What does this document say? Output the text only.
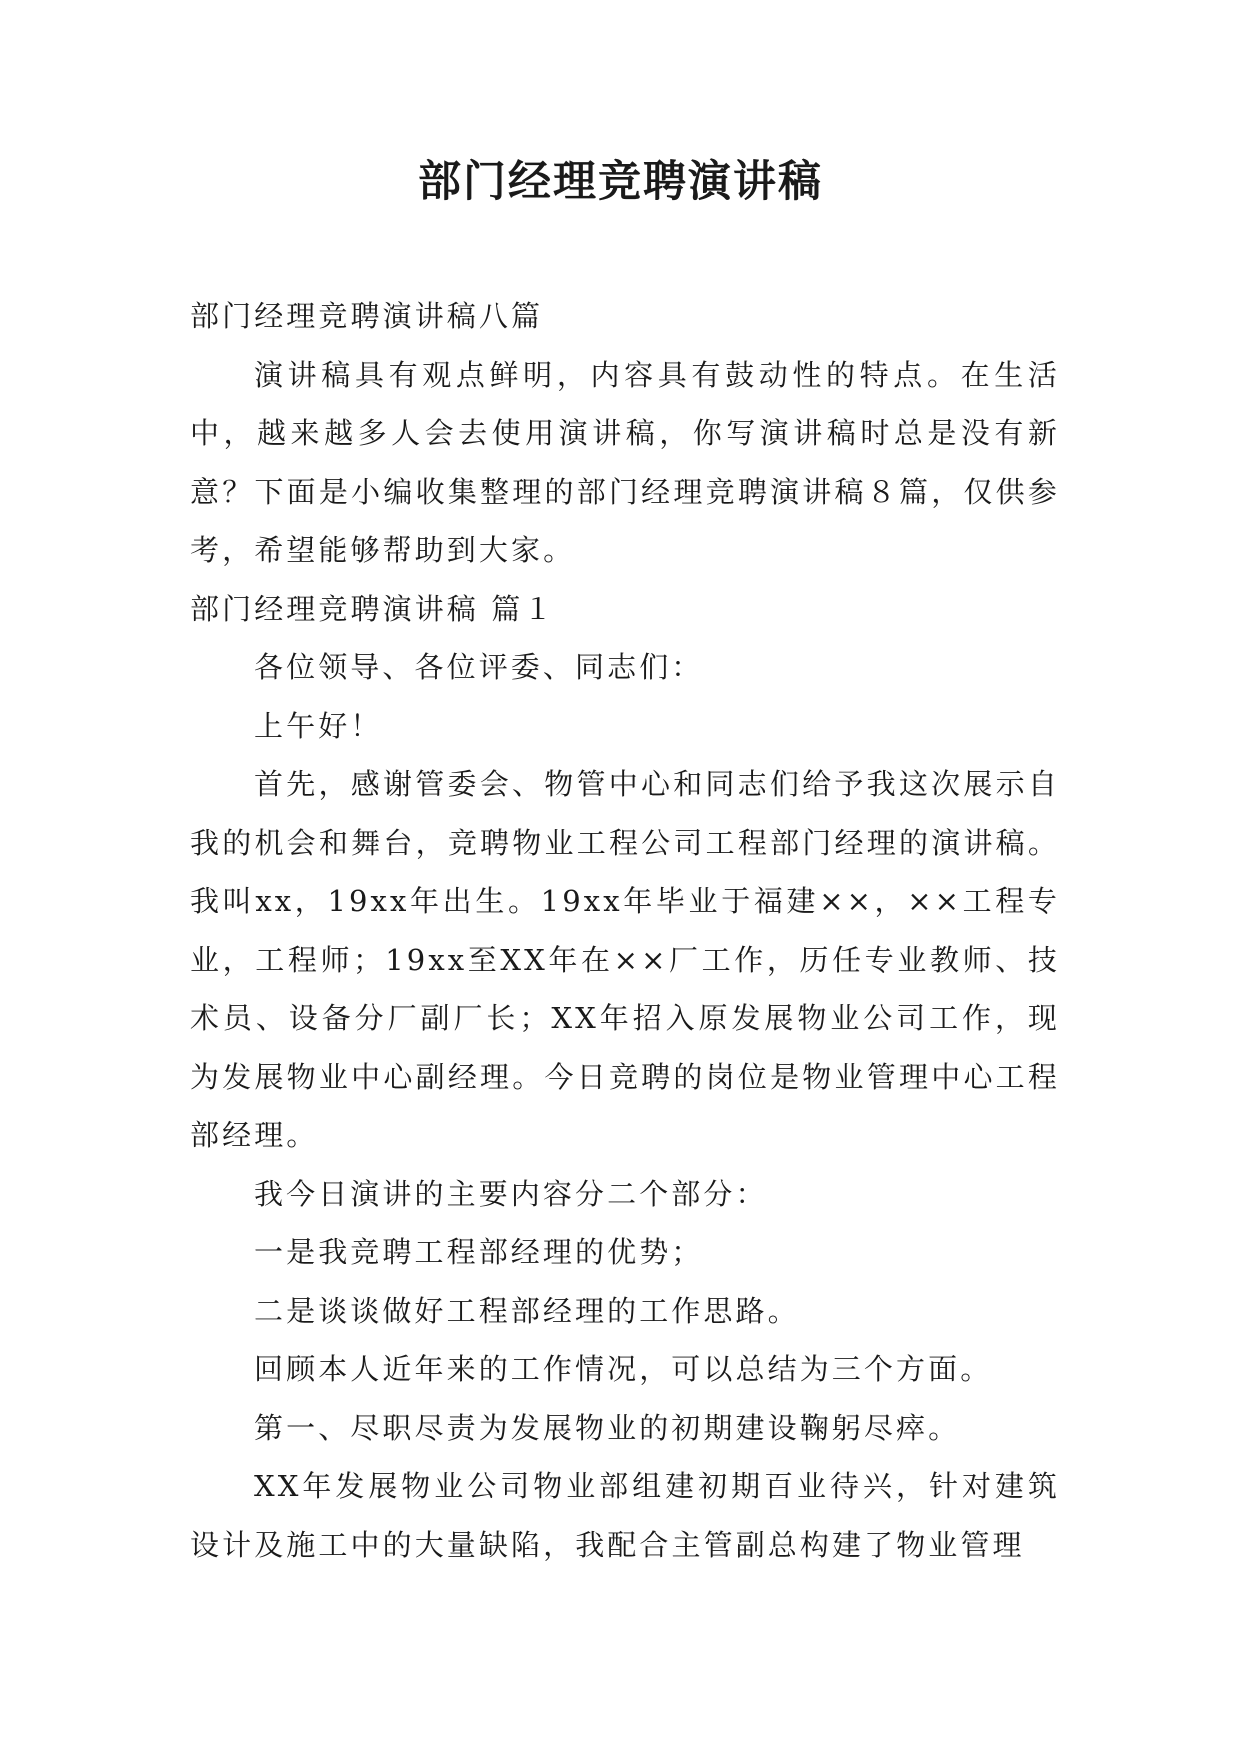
部门经理竞聘演讲稿

部门经理竞聘演讲稿八篇

演讲稿具有观点鲜明，内容具有鼓动性的特点。在生活中，越来越多人会去使用演讲稿，你写演讲稿时总是没有新意？下面是小编收集整理的部门经理竞聘演讲稿８篇，仅供参考，希望能够帮助到大家。

部门经理竞聘演讲稿 篇１

各位领导、各位评委、同志们：

上午好！

首先，感谢管委会、物管中心和同志们给予我这次展示自我的机会和舞台，竞聘物业工程公司工程部门经理的演讲稿。我叫xx，19xx年出生。19xx年毕业于福建××，××工程专业，工程师；19xx至XX年在××厂工作，历任专业教师、技术员、设备分厂副厂长；XX年招入原发展物业公司工作，现为发展物业中心副经理。今日竞聘的岗位是物业管理中心工程部经理。

我今日演讲的主要内容分二个部分：

一是我竞聘工程部经理的优势；

二是谈谈做好工程部经理的工作思路。

回顾本人近年来的工作情况，可以总结为三个方面。

第一、尽职尽责为发展物业的初期建设鞠躬尽瘁。

XX年发展物业公司物业部组建初期百业待兴，针对建筑设计及施工中的大量缺陷，我配合主管副总构建了物业管理
